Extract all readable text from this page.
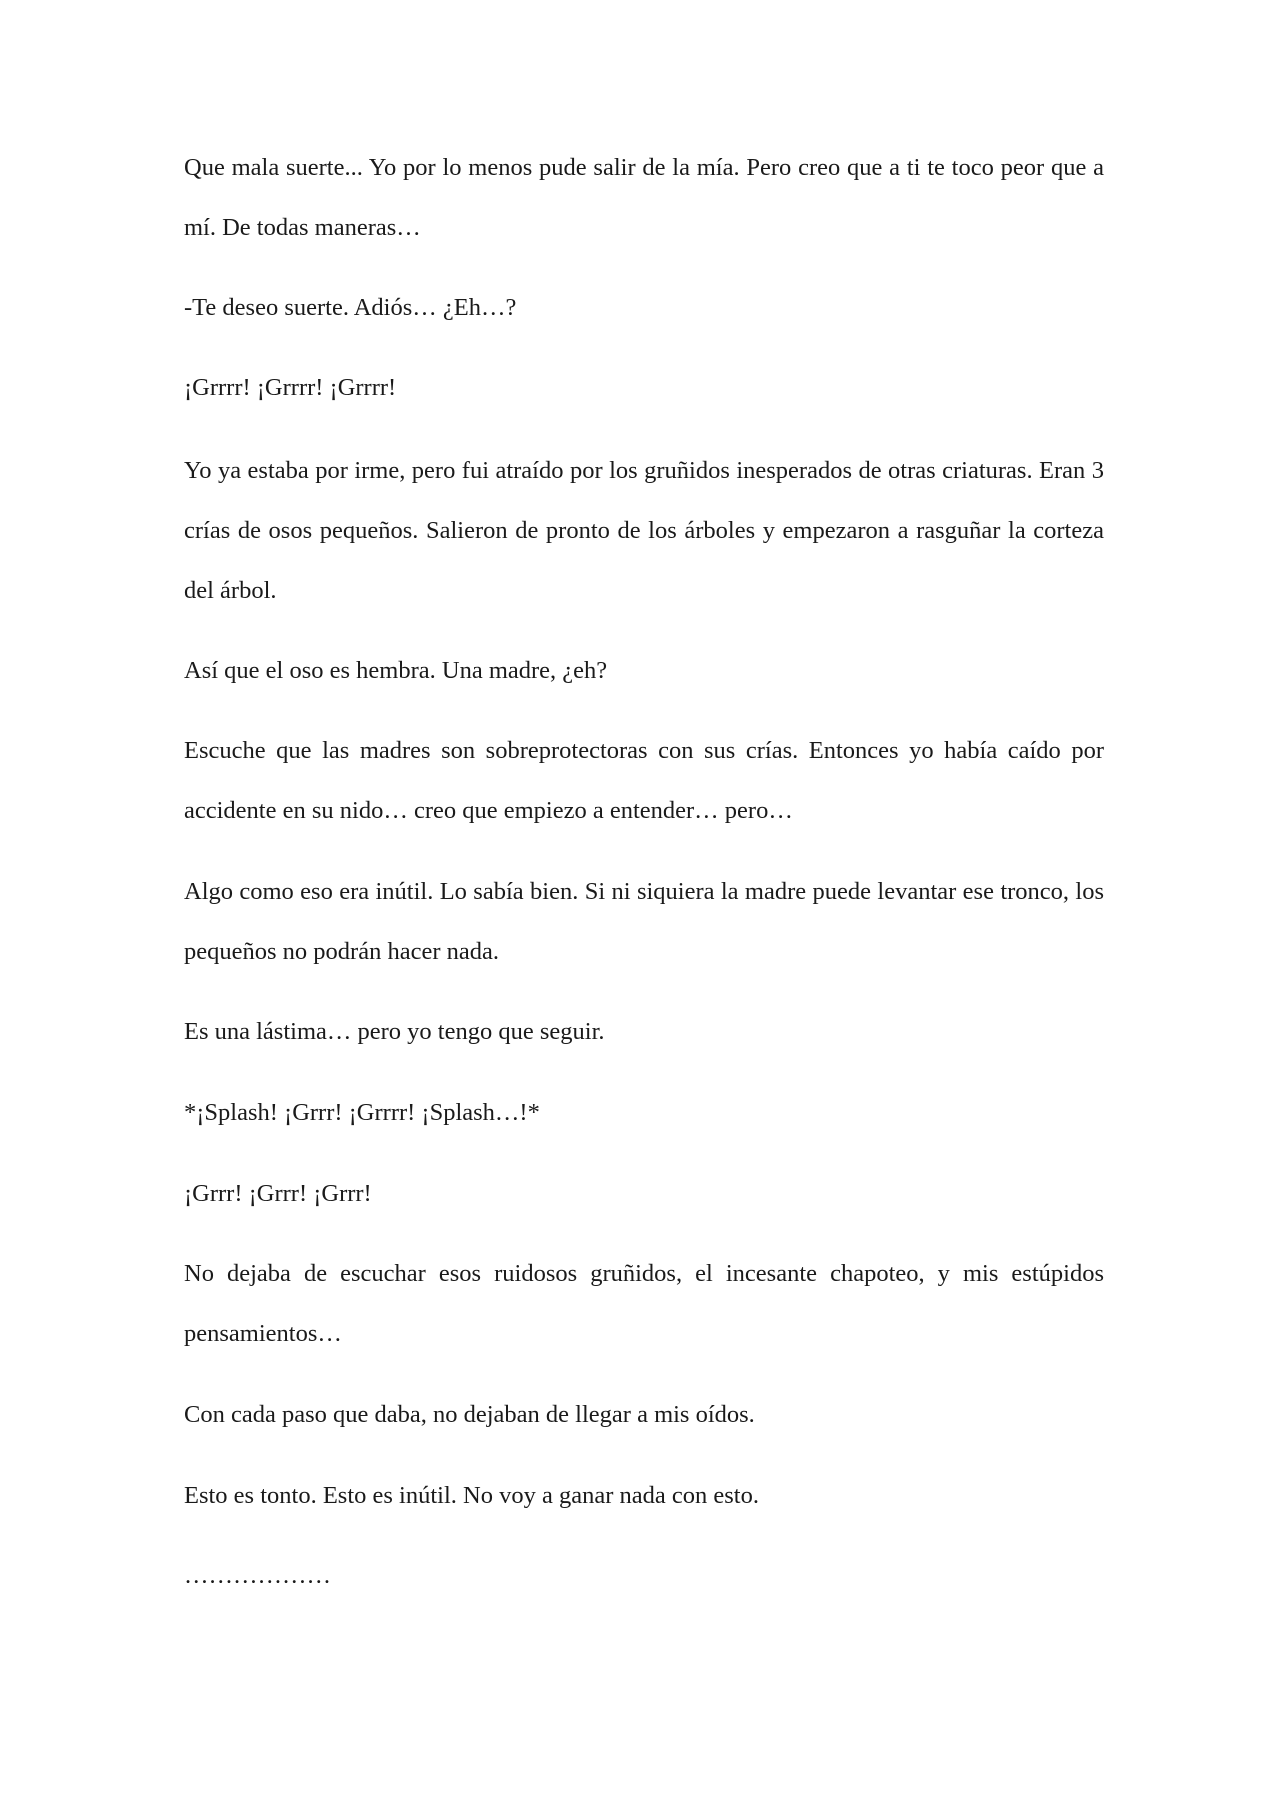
Que mala suerte... Yo por lo menos pude salir de la mía. Pero creo que a ti te toco peor que a mí. De todas maneras…

-Te deseo suerte. Adiós… ¿Eh…?

¡Grrrr! ¡Grrrr! ¡Grrrr!

Yo ya estaba por irme, pero fui atraído por los gruñidos inesperados de otras criaturas. Eran 3 crías de osos pequeños. Salieron de pronto de los árboles y empezaron a rasguñar la corteza del árbol.

Así que el oso es hembra. Una madre, ¿eh?

Escuche que las madres son sobreprotectoras con sus crías. Entonces yo había caído por accidente en su nido… creo que empiezo a entender… pero…

Algo como eso era inútil. Lo sabía bien. Si ni siquiera la madre puede levantar ese tronco, los pequeños no podrán hacer nada.

Es una lástima… pero yo tengo que seguir.

*¡Splash! ¡Grrr! ¡Grrrr! ¡Splash…!*

¡Grrr! ¡Grrr! ¡Grrr!

No dejaba de escuchar esos ruidosos gruñidos, el incesante chapoteo, y mis estúpidos pensamientos…

Con cada paso que daba, no dejaban de llegar a mis oídos.

Esto es tonto. Esto es inútil. No voy a ganar nada con esto.

………………
